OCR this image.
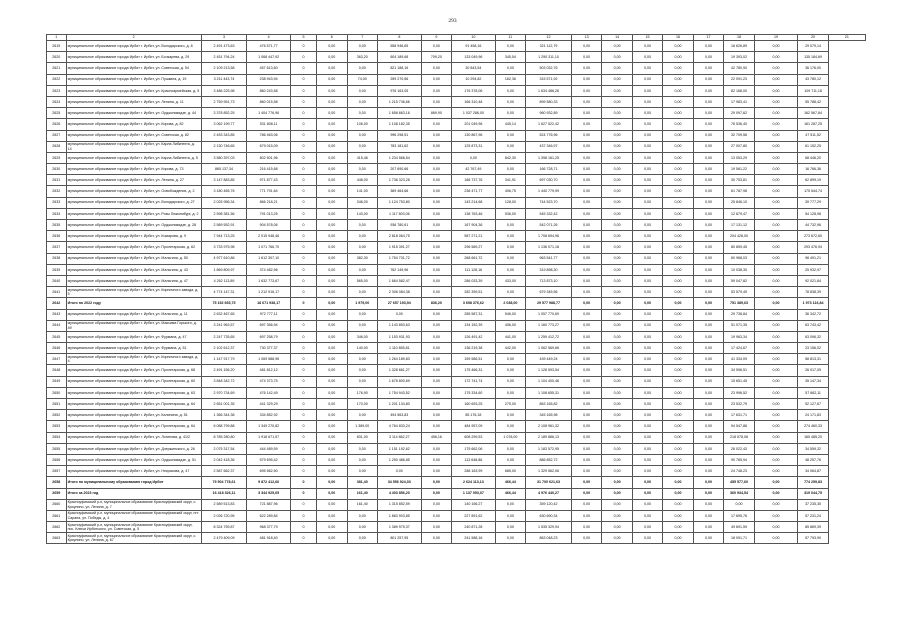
293
1	2	3	4	5	6	7	8	9	10	11	12	13	14	15	16	17	18	19	20	21
2619	муниципальное образование города Ирбит г. Ирбит, ул. Володарского, д. 8	2 491 473,63	476 571,77	0	0,00	0,00	558 946,65	0,00	91 458,16	0,00	321 112,79	0,00	0,00	0,00	0,00	0,00	16 626,89	0,00	29 079,14	
2620	муниципальное образование города Ирбит г. Ирбит, ул. Бочкарева, д. 29	2 451 794,24	1 068 447,92	0	0,00	363,20	604 189,68	709,20	133 049,96	345,54	1 290 311,10	0,00	0,00	0,00	0,00	0,00	19 393,02	0,00	135 184,69	
2621	муниципальное образование города Ирбит г. Ирбит, ул. Советская, д. 54	2 109 213,58	457 613,60	0	0,00	0,00	821 188,16	0,00	30 843,54	0,00	503 032,76	0,00	0,00	0,00	0,00	0,00	42 780,90	0,00	36 176,00	
2622	муниципальное образование города Ирбит г. Ирбит, ул. Пушкина, д. 19	3 211 443,74	238 943,94	0	0,00	74,00	259 270,56	0,00	10 294,82	162,36	315 571,92	0,00	0,00	0,00	0,00	0,00	22 091,23	0,00	43 780,12	
2623	муниципальное образование города Ирбит г. Ирбит, ул. Красноармейская, д. 5	3 486 225,98	860 243,58	0	0,00	0,00	976 163,05	0,00	176 378,06	0,00	1 634 486,26	0,00	0,00	0,00	0,00	0,00	82 168,00	0,00	109 711,18	
2624	муниципальное образование города Ирбит г. Ирбит, ул. Ленина, д. 11	2 759 951,73	860 015,58	0	0,00	0,00	1 215 736,66	0,00	166 310,48	0,00	899 580,33	0,00	0,00	0,00	0,00	0,00	17 983,41	0,00	55 788,42	
2625	муниципальное образование города Ирбит г. Ирбит, ул. Орджоникидзе, д. 44	3 378 852,25	1 404 776,96	0	0,00	0,00	1 658 663,16	869,90	1 037 286,00	0,00	960 932,89	0,00	0,00	0,00	0,00	0,00	29 097,62	0,00	162 567,84	
2626	муниципальное образование города Ирбит г. Ирбит, ул. Кирова, д. 82	3 062 199,77	531 808,11	0	0,00	106,00	1 108 182,35	0,00	201 049,98	445,14	1 627 522,42	0,00	0,00	0,00	0,00	0,00	76 536,40	0,00	161 287,25	
2627	муниципальное образование города Ирбит г. Ирбит, ул. Советская, д. 82	2 453 343,85	786 463,06	0	0,00	0,00	996 298,51	0,00	130 867,96	0,00	524 776,96	0,00	0,00	0,00	0,00	0,00	32 709,56	0,00	47 511,52	
2628	муниципальное образование города Ирбит г. Ирбит, ул. Карла Либкнехта, д. 14	2 130 746,65	679 015,09	0	0,00	0,00	783 181,62	0,00	125 873,31	0,00	437 346,97	0,00	0,00	0,00	0,00	0,00	27 007,80	0,00	61 152,25	
2629	муниципальное образование города Ирбит г. Ирбит, ул. Карла Либкнехта, д. 5	3 580 397,03	802 501,96	0	0,00	415,46	1 234 566,54	0,00	0,00	842,30	1 398 161,25	0,00	0,00	0,00	0,00	0,00	13 053,29	0,00	68 446,20	
2630	муниципальное образование города Ирбит г. Ирбит, ул. Кирова, д. 73	865 137,34	216 415,68	0	0,00	0,00	207 690,66	0,00	42 767,49	0,00	166 728,71	0,00	0,00	0,00	0,00	0,00	19 561,22	0,00	16 766,36	
2631	муниципальное образование города Ирбит г. Ирбит, ул. Ленина, д. 27	3 147 883,85	971 877,43	0	0,00	446,00	1 736 323,28	0,00	186 737,76	341,91	697 030,70	0,00	0,00	0,00	0,00	0,00	30 753,81	0,00	62 899,19	
2632	муниципальное образование города Ирбит г. Ирбит, ул. Освобождения, д. 2	3 180 465,76	771 791,64	0	0,00	141,00	369 464,66	0,00	236 471,77	406,75	1 440 779,99	0,00	0,00	0,00	0,00	0,00	61 787,98	0,00	175 544,74	
2633	муниципальное образование города Ирбит г. Ирбит, ул. Володарского, д. 27	2 025 956,34	866 218,21	0	0,00	346,00	1 124 753,80	0,00	143 214,68	128,00	744 523,70	0,00	0,00	0,00	0,00	0,00	25 846,10	0,00	39 777,29	
2634	муниципальное образование города Ирбит г. Ирбит, ул. Розы Люксембург, д. 2	2 598 381,56	791 013,25	0	0,00	143,00	1 117 803,06	0,00	138 763,46	536,00	545 332,42	0,00	0,00	0,00	0,00	0,00	12 679,47	0,00	54 128,98	
2635	муниципальное образование города Ирбит г. Ирбит, ул. Орджоникидзе, д. 28	2 589 552,91	904 578,06	0	0,00	0,00	936 780,61	0,00	167 904,36	0,00	542 071,26	0,00	0,00	0,00	0,00	0,00	17 131,12	0,00	44 732,96	
2636	муниципальное образование города Ирбит г. Ирбит, ул. Комарова, д. 9	7 944 713,25	2 015 948,46	0	0,00	0,00	2 818 064,75	0,00	587 271,21	0,00	1 708 694,96	0,00	0,00	0,00	0,00	0,00	204 428,00	0,00	273 672,60	
2637	муниципальное образование города Ирбит г. Ирбит, ул. Пролетарская, д. 62	3 733 975,98	1 071 766,70	0	0,00	0,00	1 915 391,27	0,00	296 589,27	0,00	1 136 071,18	0,00	0,00	0,00	0,00	0,00	80 859,45	0,00	293 476,94	
2638	муниципальное образование города Ирбит г. Ирбит, ул. Мальгина, д. 50	4 977 610,86	1 612 307,10	0	0,00	382,30	1 754 731,72	0,00	268 661,72	0,00	963 541,77	0,00	0,00	0,00	0,00	0,00	60 968,03	0,00	98 491,21	
2639	муниципальное образование города Ирбит г. Ирбит, ул. Мальгина, д. 43	1 869 809,97	374 482,96	0	0,00	0,00	762 149,96	0,00	111 126,16	0,00	319 898,30	0,00	0,00	0,00	0,00	0,00	10 038,30	0,00	25 932,97	
2640	муниципальное образование города Ирбит г. Ирбит, ул. Мальгина, д. 47	4 262 113,89	1 632 773,67	0	0,00	565,00	1 664 582,47	0,00	286 033,39	433,00	713 873,10	0,00	0,00	0,00	0,00	0,00	59 047,82	0,00	92 021,84	
2641	муниципальное образование города Ирбит г. Ирбит, ул. Кирпичного завода, д. 5	4 774 147,31	1 212 916,17	0	0,00	0,00	2 306 084,38	0,00	282 399,51	0,00	679 345,56	0,00	0,00	0,00	0,00	0,00	53 579,49	0,00	78 838,39	
2642	Итого по 2022 году	75 152 665,75	18 671 938,17	0	0,00	1 979,00	27 657 193,94	836,20	3 698 376,62	2 038,00	29 577 988,77	0,00	0,00	0,00	0,00	0,00	751 389,63	0,00	1 973 116,84	
2643	муниципальное образование города Ирбит г. Ирбит, ул. Мальгина, д. 11	2 632 467,65	972 777,11	0	0,00	0,00	0,00	0,00	285 587,31	546,00	1 057 770,69	0,00	0,00	0,00	0,00	0,00	29 738,84	0,00	36 342,72	
2644	муниципальное образование города Ирбит г. Ирбит, ул. Максима Горького, д. 49	3 241 963,57	697 356,94	0	0,00	0,00	1 143 853,63	0,00	134 152,39	406,00	1 160 773,27	0,00	0,00	0,00	0,00	0,00	51 071,35	0,00	63 743,42	
2645	муниципальное образование города Ирбит г. Ирбит, ул. Фурмана, д. 47	2 247 735,65	697 258,79	0	0,00	346,00	1 153 931,93	0,00	126 491,42	441,00	1 259 412,72	0,00	0,00	0,00	0,00	0,00	19 963,34	0,00	63 096,32	
2646	муниципальное образование города Ирбит г. Ирбит, ул. Фурмана, д. 51	2 102 612,37	730 377,37	0	0,00	140,00	1 110 855,81	0,00	136 219,38	442,00	1 062 569,66	0,00	0,00	0,00	0,00	0,00	17 424,67	0,00	23 156,02	
2647	муниципальное образование города Ирбит г. Ирбит, ул. Кирпичного завода, д. 4	1 147 917,79	1 069 588,96	0	0,00	0,00	1 264 189,83	0,00	159 586,51	0,00	439 449,24	0,00	0,00	0,00	0,00	0,00	41 334,09	0,00	58 813,31	
2648	муниципальное образование города Ирбит г. Ирбит, ул. Пролетарская, д. 68	2 491 156,20	481 812,12	0	0,00	0,00	1 328 661,27	0,00	175 466,31	0,00	1 128 593,54	0,00	0,00	0,00	0,00	0,00	34 596,51	0,00	26 017,05	
2649	муниципальное образование города Ирбит г. Ирбит, ул. Пролетарская, д. 60	3 848 342,72	474 373,75	0	0,00	0,00	1 678 800,69	0,00	172 741,74	0,00	1 104 400,46	0,00	0,00	0,00	0,00	0,00	15 651,45	0,00	35 147,34	
2650	муниципальное образование города Ирбит г. Ирбит, ул. Пролетарская, д. 63	2 970 734,69	476 142,49	0	0,00	176,90	1 754 943,52	0,00	175 334,60	0,00	1 108 655,31	0,00	0,00	0,00	0,00	0,00	23 996,52	0,00	57 662,11	
2651	муниципальное образование города Ирбит г. Ирбит, ул. Пролетарская, д. 64	2 651 001,35	441 329,29	0	0,00	170,00	1 201 134,80	0,00	160 693,25	275,00	863 165,82	0,00	0,00	0,00	0,00	0,00	23 532,79	0,00	52 127,67	
2652	муниципальное образование города Ирбит г. Ирбит, ул. Калинина, д. 51	1 366 344,38	334 852,92	0	0,00	0,00	494 563,83	0,00	85 176,18	0,00	345 165,98	0,00	0,00	0,00	0,00	0,00	17 631,71	0,00	24 171,83	
2653	муниципальное образование города Ирбит г. Ирбит, ул. Пролетарская, д. 64	6 088 799,88	1 349 270,82	0	0,00	1 389,00	4 764 833,24	0,00	484 957,09	0,00	2 108 961,32	0,00	0,00	0,00	0,00	0,00	94 547,86	0,00	274 460,33	
2654	муниципальное образование города Ирбит г. Ирбит, ул. Логинова, д. 41/2	8 785 280,80	1 918 671,57	0	0,00	831,00	3 114 862,27	456,16	608 299,53	1 078,00	2 189 886,13	0,00	0,00	0,00	0,00	0,00	218 578,08	0,00	165 485,20	
2655	муниципальное образование города Ирбит г. Ирбит, ул. Дзержинского, д. 26	2 075 317,54	444 489,59	0	0,00	0,00	1 151 192,62	0,00	175 662,06	0,00	1 183 572,95	0,00	0,00	0,00	0,00	0,00	26 022,43	0,00	34 559,32	
2656	муниципальное образование города Ирбит г. Ирбит, ул. Орджоникидзе, д. 51	2 042 418,36	579 695,42	0	0,00	0,00	1 250 486,85	0,00	113 648,86	0,00	886 852,72	0,00	0,00	0,00	0,00	0,00	90 785,94	0,00	48 257,76	
2657	муниципальное образование города Ирбит г. Ирбит, ул. Некрасова, д. 47	2 587 662,37	695 562,50	0	0,00	0,00	0,00	0,00	288 163,99	685,00	1 329 562,06	0,00	0,00	0,00	0,00	0,00	24 748,23	0,00	34 064,87	
2658	Итого по муниципальному образованию город Ирбит	79 504 778,61	9 872 412,66	0	0,00	381,40	34 556 924,03	0,00	2 624 113,13	466,44	31 700 621,63	0,00	0,00	0,00	0,00	0,00	455 577,60	0,00	774 259,83	
2659	Итого за 2023 год	16 418 326,11	3 344 925,65	0	0,00	161,40	4 403 856,20	0,00	1 137 053,07	466,44	4 976 440,27	0,00	0,00	0,00	0,00	0,00	360 934,54	0,00	319 044,75	
2660	Красноуфимский р-н, муниципальное образование Красноуфимский округ, с. Криулино, ул. Ленина, д. 7	2 589 513,83	721 887,96	0	0,00	161,40	1 315 852,59	0,00	140 156,27	0,00	359 120,42	0,00	0,00	0,00	0,00	0,00	0,00	0,00	37 235,35	
2661	Красноуфимский р-н, муниципальное образование Красноуфимский округ, пгт. Сарана, ул. Победы, д. 4	2 026 720,95	622 289,84	0	0,00	0,00	1 863 903,85	0,00	227 891,62	0,00	630 690,34	0,00	0,00	0,00	0,00	0,00	17 695,76	0,00	57 231,24	
2662	Красноуфимский р-н, муниципальное образование Красноуфимский округ, пос. Ключи Ирбитского, ул. Советская, д. 5	8 324 759,87	968 377,79	0	0,00	0,00	1 389 975,37	0,00	240 871,28	0,00	1 535 329,94	0,00	0,00	0,00	0,00	0,00	49 691,59	0,00	85 869,39	
2663	Красноуфимский р-н, муниципальное образование Красноуфимский округ, с. Криулино, ул. Ленина, д. 67	2 479 409,09	481 918,40	0	0,00	0,00	801 257,95	0,00	241 588,16	0,00	863 048,23	0,00	0,00	0,00	0,00	0,00	18 091,71	0,00	57 793,90	
